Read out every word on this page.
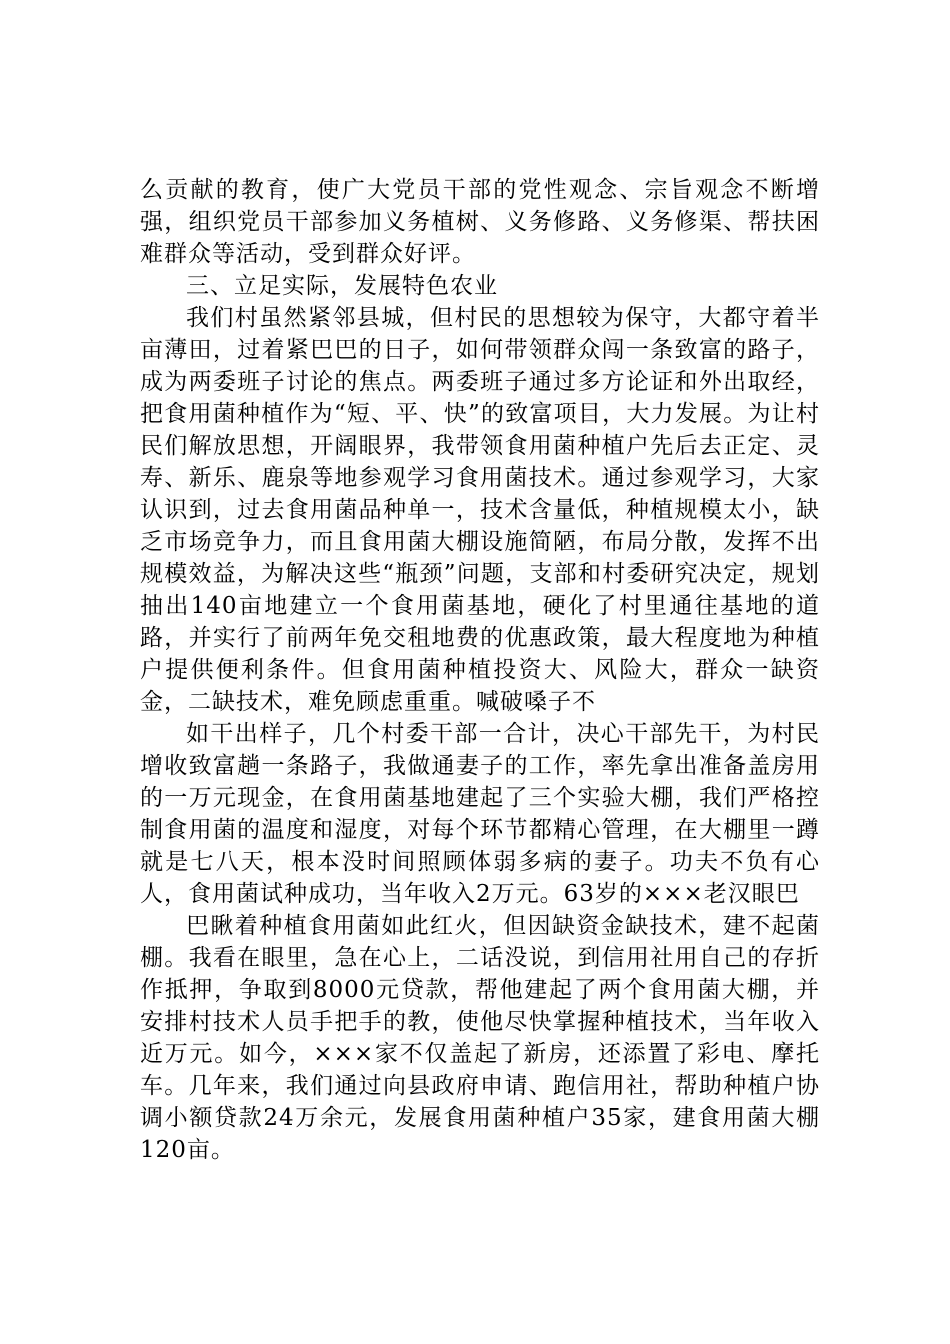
么贡献的教育，使广大党员干部的党性观念、宗旨观念不断增强，组织党员干部参加义务植树、义务修路、义务修渠、帮扶困难群众等活动，受到群众好评。

三、立足实际，发展特色农业

我们村虽然紧邻县城，但村民的思想较为保守，大都守着半亩薄田，过着紧巴巴的日子，如何带领群众闯一条致富的路子，成为两委班子讨论的焦点。两委班子通过多方论证和外出取经，把食用菌种植作为“短、平、快”的致富项目，大力发展。为让村民们解放思想，开阔眼界，我带领食用菌种植户先后去正定、灵寿、新乐、鹿泉等地参观学习食用菌技术。通过参观学习，大家认识到，过去食用菌品种单一，技术含量低，种植规模太小，缺乏市场竞争力，而且食用菌大棚设施简陋，布局分散，发挥不出规模效益，为解决这些“瓶颈”问题，支部和村委研究决定，规划抽出140亩地建立一个食用菌基地，硬化了村里通往基地的道路，并实行了前两年免交租地费的优惠政策，最大程度地为种植户提供便利条件。但食用菌种植投资大、风险大，群众一缺资金，二缺技术，难免顾虑重重。喊破嗓子不

如干出样子，几个村委干部一合计，决心干部先干，为村民增收致富趟一条路子，我做通妻子的工作，率先拿出准备盖房用的一万元现金，在食用菌基地建起了三个实验大棚，我们严格控制食用菌的温度和湿度，对每个环节都精心管理，在大棚里一蹲就是七八天，根本没时间照顾体弱多病的妻子。功夫不负有心人，食用菌试种成功，当年收入2万元。63岁的×××老汉眼巴

巴瞅着种植食用菌如此红火，但因缺资金缺技术，建不起菌棚。我看在眼里，急在心上，二话没说，到信用社用自己的存折作抵押，争取到8000元贷款，帮他建起了两个食用菌大棚，并安排村技术人员手把手的教，使他尽快掌握种植技术，当年收入近万元。如今，×××家不仅盖起了新房，还添置了彩电、摩托车。几年来，我们通过向县政府申请、跑信用社，帮助种植户协调小额贷款24万余元，发展食用菌种植户35家，建食用菌大棚120亩。
